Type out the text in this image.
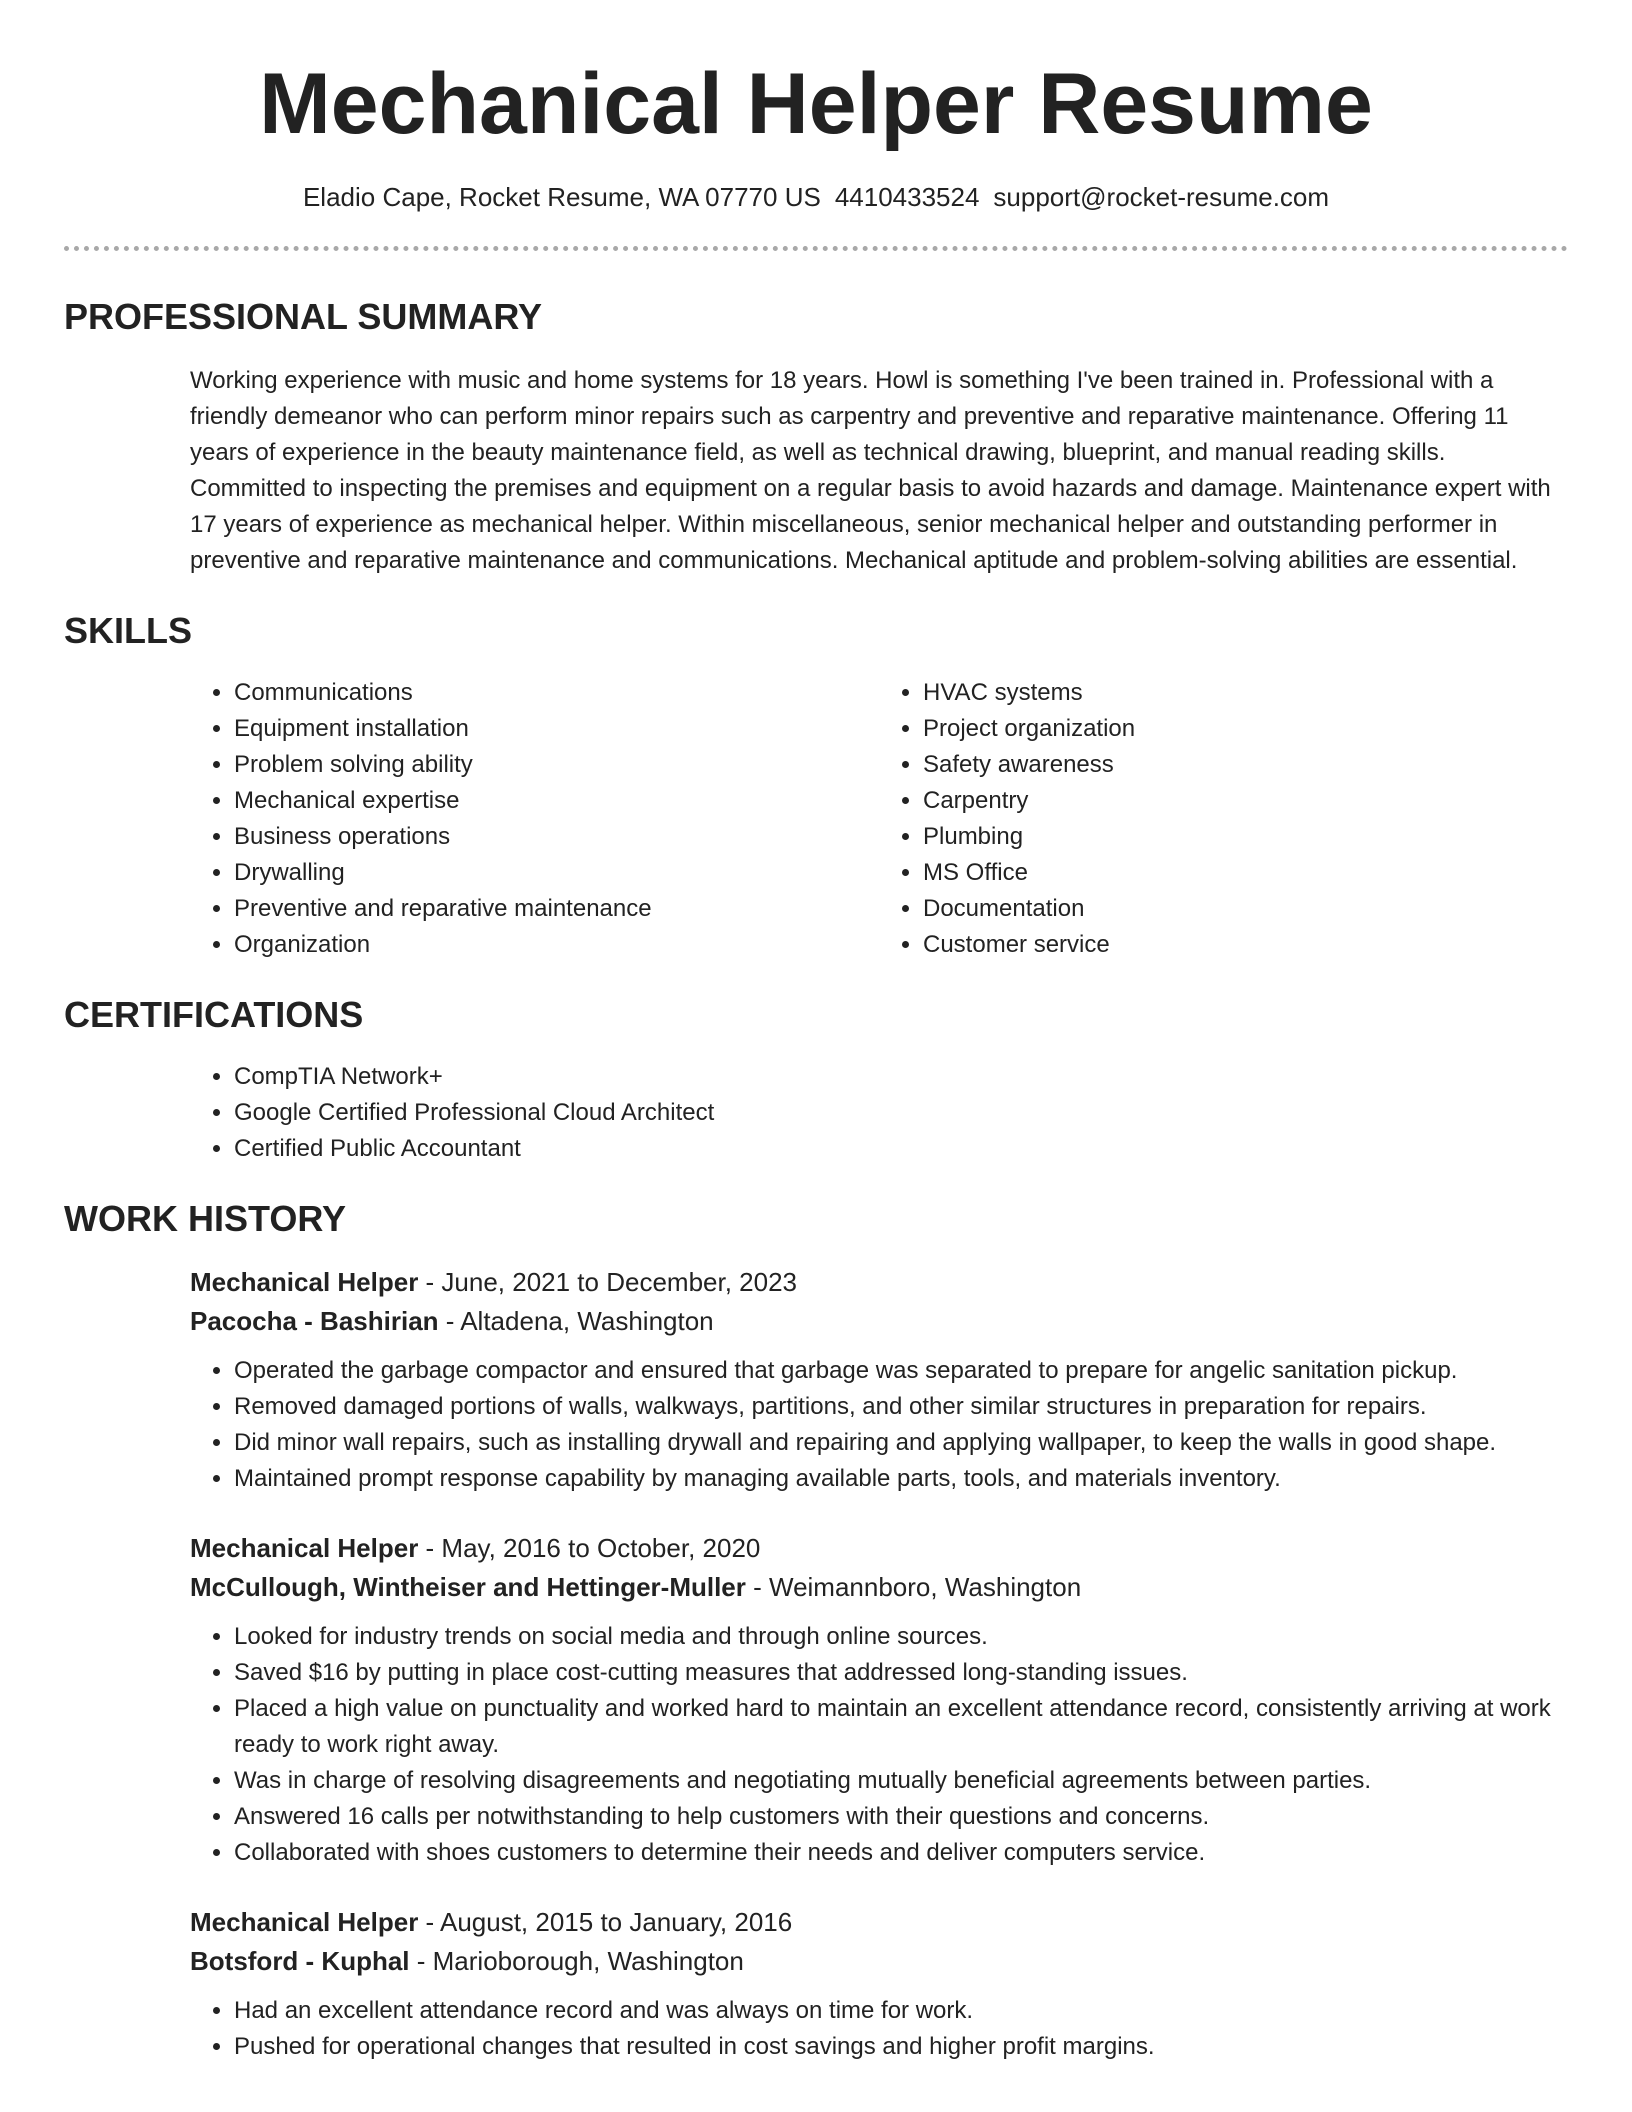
Mechanical Helper Resume
Eladio Cape, Rocket Resume, WA 07770 US 4410433524 support@rocket-resume.com
PROFESSIONAL SUMMARY

Working experience with music and home systems for 18 years. Howl is something I've been trained in. Professional with a friendly demeanor who can perform minor repairs such as carpentry and preventive and reparative maintenance. Offering 11 years of experience in the beauty maintenance field, as well as technical drawing, blueprint, and manual reading skills. Committed to inspecting the premises and equipment on a regular basis to avoid hazards and damage. Maintenance expert with 17 years of experience as mechanical helper. Within miscellaneous, senior mechanical helper and outstanding performer in preventive and reparative maintenance and communications. Mechanical aptitude and problem-solving abilities are essential.

SKILLS
• Communications
• Equipment installation
• Problem solving ability
• Mechanical expertise
• Business operations
• Drywalling
• Preventive and reparative maintenance
• Organization
• HVAC systems
• Project organization
• Safety awareness
• Carpentry
• Plumbing
• MS Office
• Documentation
• Customer service
CERTIFICATIONS
• CompTIA Network+
• Google Certified Professional Cloud Architect
• Certified Public Accountant
WORK HISTORY
Mechanical Helper - June, 2021 to December, 2023
Pacocha - Bashirian - Altadena, Washington
• Operated the garbage compactor and ensured that garbage was separated to prepare for angelic sanitation pickup.
• Removed damaged portions of walls, walkways, partitions, and other similar structures in preparation for repairs.
• Did minor wall repairs, such as installing drywall and repairing and applying wallpaper, to keep the walls in good shape.
• Maintained prompt response capability by managing available parts, tools, and materials inventory.
Mechanical Helper - May, 2016 to October, 2020
McCullough, Wintheiser and Hettinger-Muller - Weimannboro, Washington
• Looked for industry trends on social media and through online sources.
• Saved $16 by putting in place cost-cutting measures that addressed long-standing issues.
• Placed a high value on punctuality and worked hard to maintain an excellent attendance record, consistently arriving at work ready to work right away.
• Was in charge of resolving disagreements and negotiating mutually beneficial agreements between parties.
• Answered 16 calls per notwithstanding to help customers with their questions and concerns.
• Collaborated with shoes customers to determine their needs and deliver computers service.
Mechanical Helper - August, 2015 to January, 2016
Botsford - Kuphal - Marioborough, Washington
• Had an excellent attendance record and was always on time for work.
• Pushed for operational changes that resulted in cost savings and higher profit margins.
